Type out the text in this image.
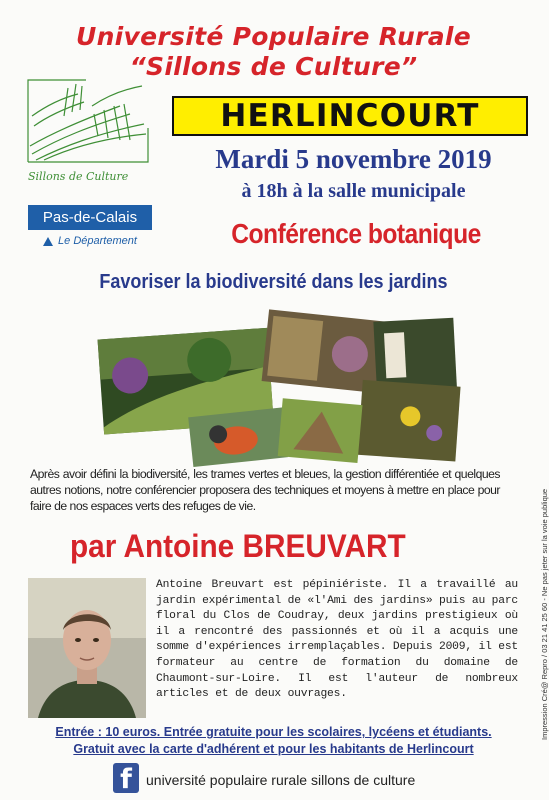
Université Populaire Rurale
“Sillons de Culture”
Sillons de Culture
HERLINCOURT
Mardi 5 novembre 2019
à 18h à la salle municipale
Pas-de-Calais
Le Département	Conférence botanique
Favoriser la biodiversité dans les jardins
Après avoir défini la biodiversité, les trames vertes et bleues, la gestion différentiée et quelques autres notions, notre conférencier proposera des techniques et moyens à mettre en place pour faire de nos espaces verts des refuges de vie.
par Antoine BREUVART
Antoine Breuvart est pépiniériste. Il a travaillé au jardin expérimental de «l'Ami des jardins» puis au parc floral du Clos de Coudray, deux jardins prestigieux où il a rencontré des passionnés et où il a acquis une somme d'expériences irremplaçables. Depuis 2009, il est formateur au centre de formation du domaine de Chaumont-sur-Loire. Il est l'auteur de nombreux articles et de deux ouvrages.
Entrée : 10 euros. Entrée gratuite pour les scolaires, lycéens et étudiants.
Gratuit avec la carte d'adhérent et pour les habitants de Herlincourt
f	université populaire rurale sillons de culture
Impression Cré@ Repro / 03 21 41 25 60 - Ne pas jeter sur la voie publique
